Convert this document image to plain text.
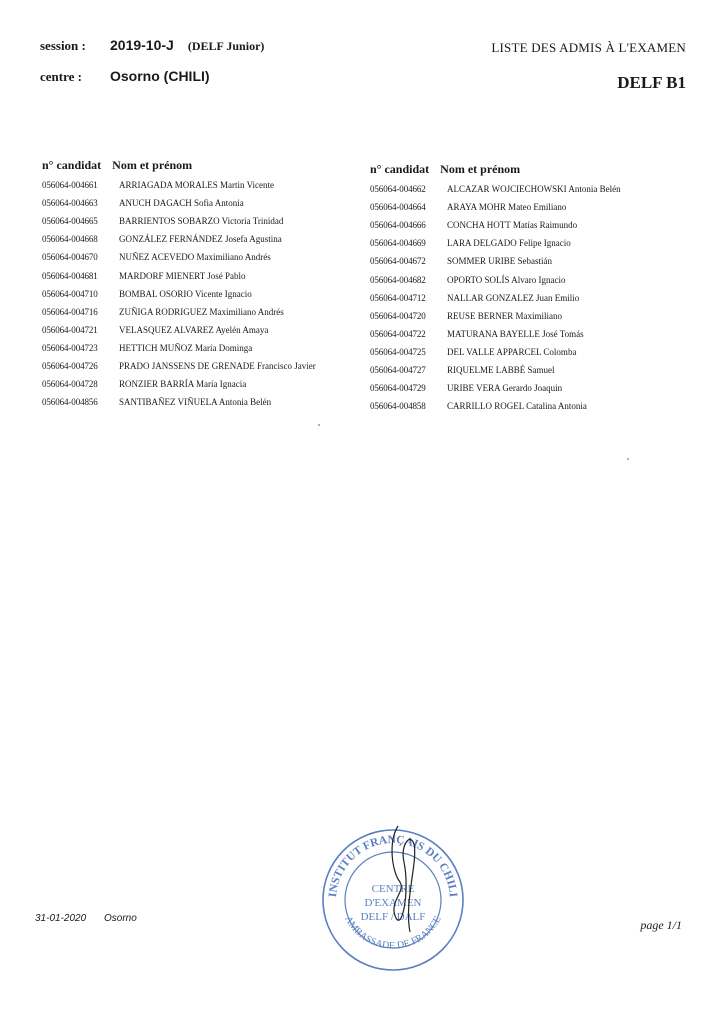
session :	2019-10-J (DELF Junior)
centre :	Osorno (CHILI)
LISTE DES ADMIS À L'EXAMEN
DELF B1
n° candidat Nom et prénom
056064-004661	ARRIAGADA MORALES Martin Vicente
056064-004663	ANUCH DAGACH Sofia Antonia
056064-004665	BARRIENTOS SOBARZO Victoria Trinidad
056064-004668	GONZÁLEZ FERNÁNDEZ Josefa Agustina
056064-004670	NUÑEZ ACEVEDO Maximiliano Andrés
056064-004681	MARDORF MIENERT José Pablo
056064-004710	BOMBAL OSORIO Vicente Ignacio
056064-004716	ZUÑIGA RODRIGUEZ Maximiliano Andrés
056064-004721	VELASQUEZ ALVAREZ Ayelén Amaya
056064-004723	HETTICH MUÑOZ María Dominga
056064-004726	PRADO JANSSENS DE GRENADE Francisco Javier
056064-004728	RONZIER BARRÍA María Ignacia
056064-004856	SANTIBAÑEZ VIÑUELA Antonia Belén
n° candidat Nom et prénom
056064-004662	ALCAZAR WOJCIECHOWSKI Antonia Belén
056064-004664	ARAYA MOHR Mateo Emiliano
056064-004666	CONCHA HOTT Matías Raimundo
056064-004669	LARA DELGADO Felipe Ignacio
056064-004672	SOMMER URIBE Sebastián
056064-004682	OPORTO SOLÍS Alvaro Ignacio
056064-004712	NALLAR GONZALEZ Juan Emilio
056064-004720	REUSE BERNER Maximiliano
056064-004722	MATURANA BAYELLE José Tomás
056064-004725	DEL VALLE APPARCEL Colomba
056064-004727	RIQUELME LABBÉ Samuel
056064-004729	URIBE VERA Gerardo Joaquin
056064-004858	CARRILLO ROGEL Catalina Antonia
INSTITUT FRANÇAIS DU CHILI
AMBASSADE DE FRANCE
CENTRE
D'EXAMEN
DELF / DALF
31-01-2020 Osorno	page 1/1
